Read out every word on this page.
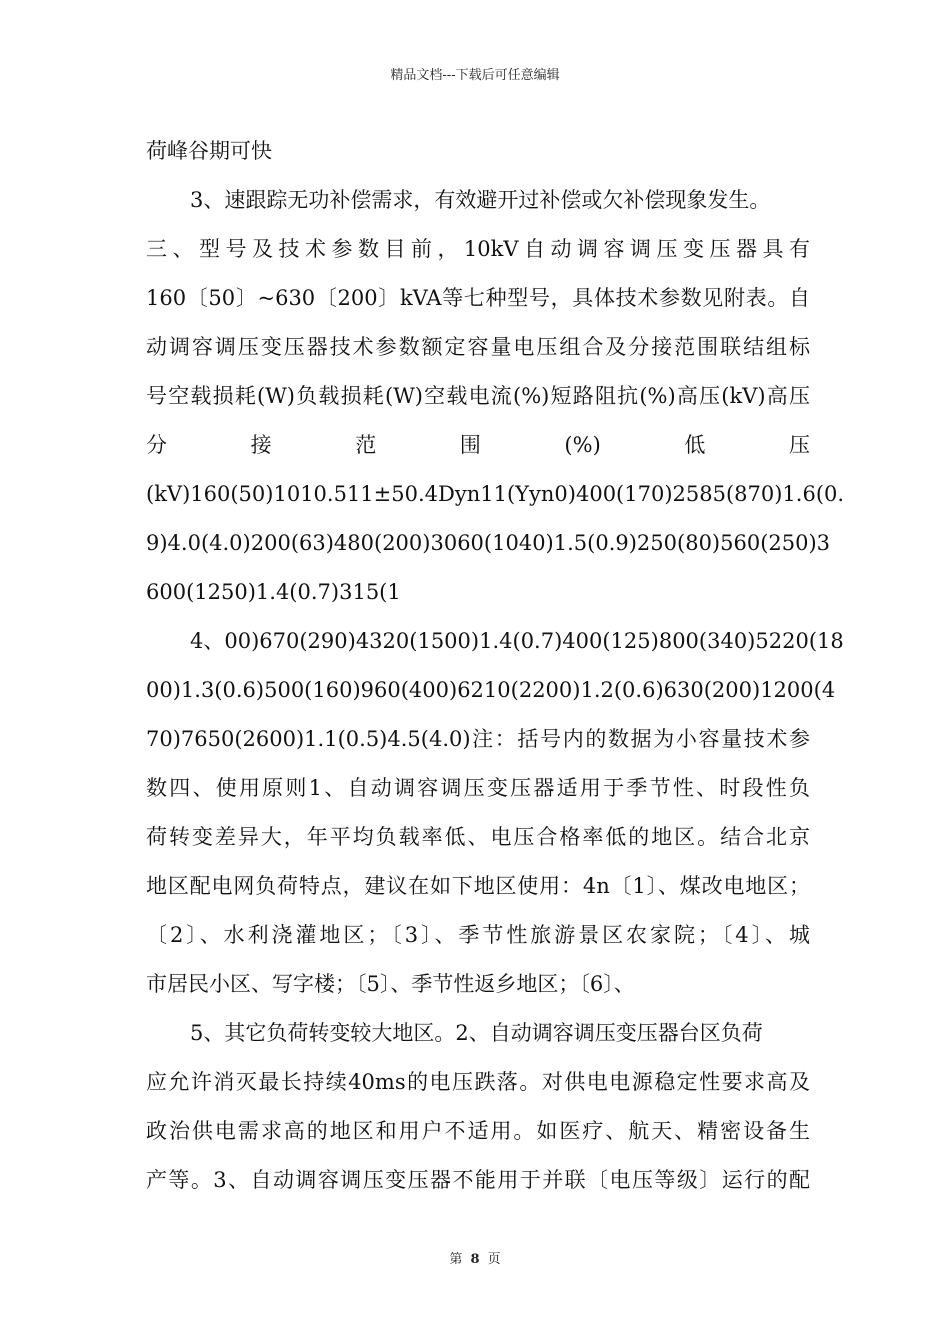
精品文档---下载后可任意编辑
荷峰谷期可快
3、速跟踪无功补偿需求，有效避开过补偿或欠补偿现象发生。
三、型号及技术参数目前，10kV自动调容调压变压器具有
160〔50〕~630〔200〕kVA等七种型号，具体技术参数见附表。自
动调容调压变压器技术参数额定容量电压组合及分接范围联结组标
号空载损耗(W)负载损耗(W)空载电流(%)短路阻抗(%)高压(kV)高压
分　　　接　　　范　　　围　　　(%)　　　低　　　压
(kV)160(50)1010.511±50.4Dyn11(Yyn0)400(170)2585(870)1.6(0.
9)4.0(4.0)200(63)480(200)3060(1040)1.5(0.9)250(80)560(250)3
600(1250)1.4(0.7)315(1
4、00)670(290)4320(1500)1.4(0.7)400(125)800(340)5220(18
00)1.3(0.6)500(160)960(400)6210(2200)1.2(0.6)630(200)1200(4
70)7650(2600)1.1(0.5)4.5(4.0)注：括号内的数据为小容量技术参
数四、使用原则1、自动调容调压变压器适用于季节性、时段性负
荷转变差异大，年平均负载率低、电压合格率低的地区。结合北京
地区配电网负荷特点，建议在如下地区使用：4n〔1〕、煤改电地区；
〔2〕、水利浇灌地区；〔3〕、季节性旅游景区农家院；〔4〕、城
市居民小区、写字楼；〔5〕、季节性返乡地区；〔6〕、
5、其它负荷转变较大地区。2、自动调容调压变压器台区负荷
应允许消灭最长持续40ms的电压跌落。对供电电源稳定性要求高及
政治供电需求高的地区和用户不适用。如医疗、航天、精密设备生
产等。3、自动调容调压变压器不能用于并联〔电压等级〕运行的配
第 8 页
